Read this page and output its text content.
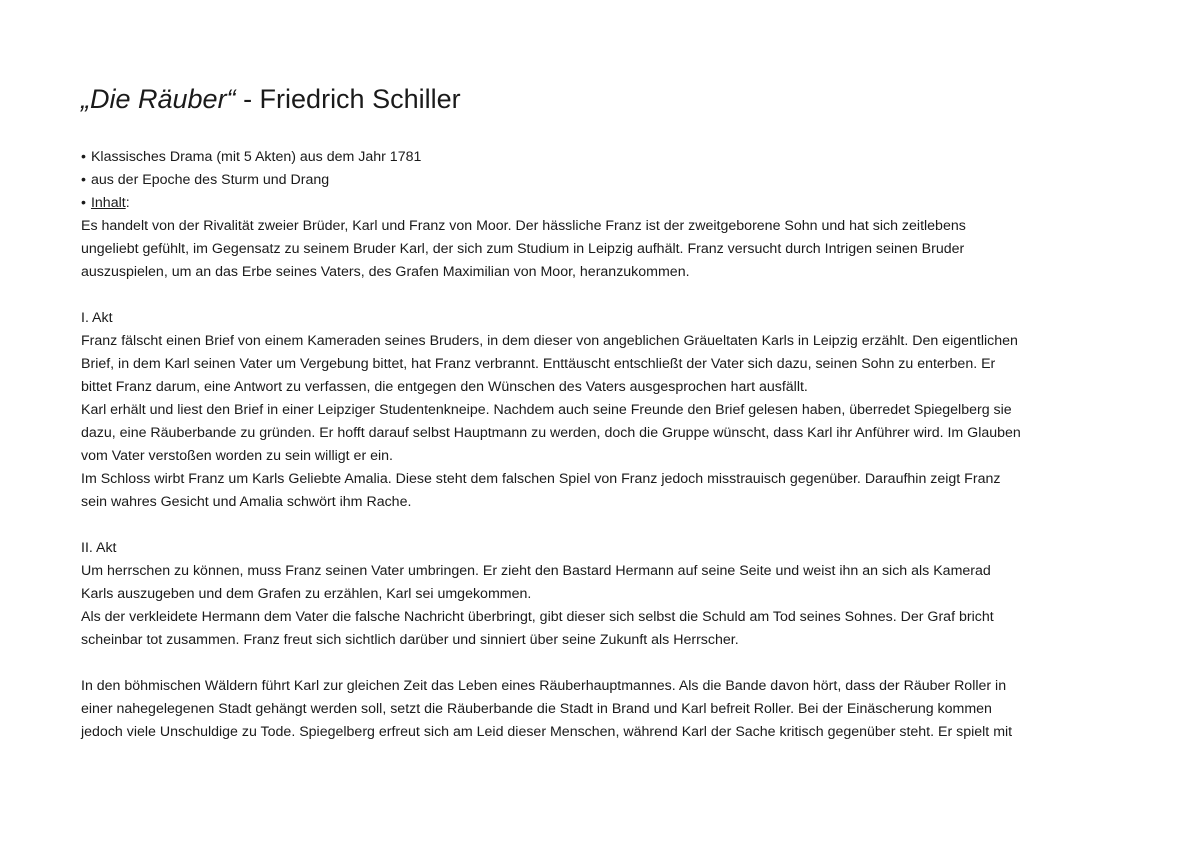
„Die Räuber“ - Friedrich Schiller
• Klassisches Drama (mit 5 Akten) aus dem Jahr 1781
• aus der Epoche des Sturm und Drang
• Inhalt:
Es handelt von der Rivalität zweier Brüder, Karl und Franz von Moor. Der hässliche Franz ist der zweitgeborene Sohn und hat sich zeitlebens
ungeliebt gefühlt, im Gegensatz zu seinem Bruder Karl, der sich zum Studium in Leipzig aufhält. Franz versucht durch Intrigen seinen Bruder
auszuspielen, um an das Erbe seines Vaters, des Grafen Maximilian von Moor, heranzukommen.
I. Akt
Franz fälscht einen Brief von einem Kameraden seines Bruders, in dem dieser von angeblichen Gräueltaten Karls in Leipzig erzählt. Den eigentlichen
Brief, in dem Karl seinen Vater um Vergebung bittet, hat Franz verbrannt. Enttäuscht entschließt der Vater sich dazu, seinen Sohn zu enterben. Er
bittet Franz darum, eine Antwort zu verfassen, die entgegen den Wünschen des Vaters ausgesprochen hart ausfällt.
Karl erhält und liest den Brief in einer Leipziger Studentenkneipe. Nachdem auch seine Freunde den Brief gelesen haben, überredet Spiegelberg sie
dazu, eine Räuberbande zu gründen. Er hofft darauf selbst Hauptmann zu werden, doch die Gruppe wünscht, dass Karl ihr Anführer wird. Im Glauben
vom Vater verstoßen worden zu sein willigt er ein.
Im Schloss wirbt Franz um Karls Geliebte Amalia. Diese steht dem falschen Spiel von Franz jedoch misstrauisch gegenüber. Daraufhin zeigt Franz
sein wahres Gesicht und Amalia schwört ihm Rache.
II. Akt
Um herrschen zu können, muss Franz seinen Vater umbringen. Er zieht den Bastard Hermann auf seine Seite und weist ihn an sich als Kamerad
Karls auszugeben und dem Grafen zu erzählen, Karl sei umgekommen.
Als der verkleidete Hermann dem Vater die falsche Nachricht überbringt, gibt dieser sich selbst die Schuld am Tod seines Sohnes. Der Graf bricht
scheinbar tot zusammen. Franz freut sich sichtlich darüber und sinniert über seine Zukunft als Herrscher.
In den böhmischen Wäldern führt Karl zur gleichen Zeit das Leben eines Räuberhauptmannes. Als die Bande davon hört, dass der Räuber Roller in
einer nahegelegenen Stadt gehängt werden soll, setzt die Räuberbande die Stadt in Brand und Karl befreit Roller. Bei der Einäscherung kommen
jedoch viele Unschuldige zu Tode. Spiegelberg erfreut sich am Leid dieser Menschen, während Karl der Sache kritisch gegenüber steht. Er spielt mit
